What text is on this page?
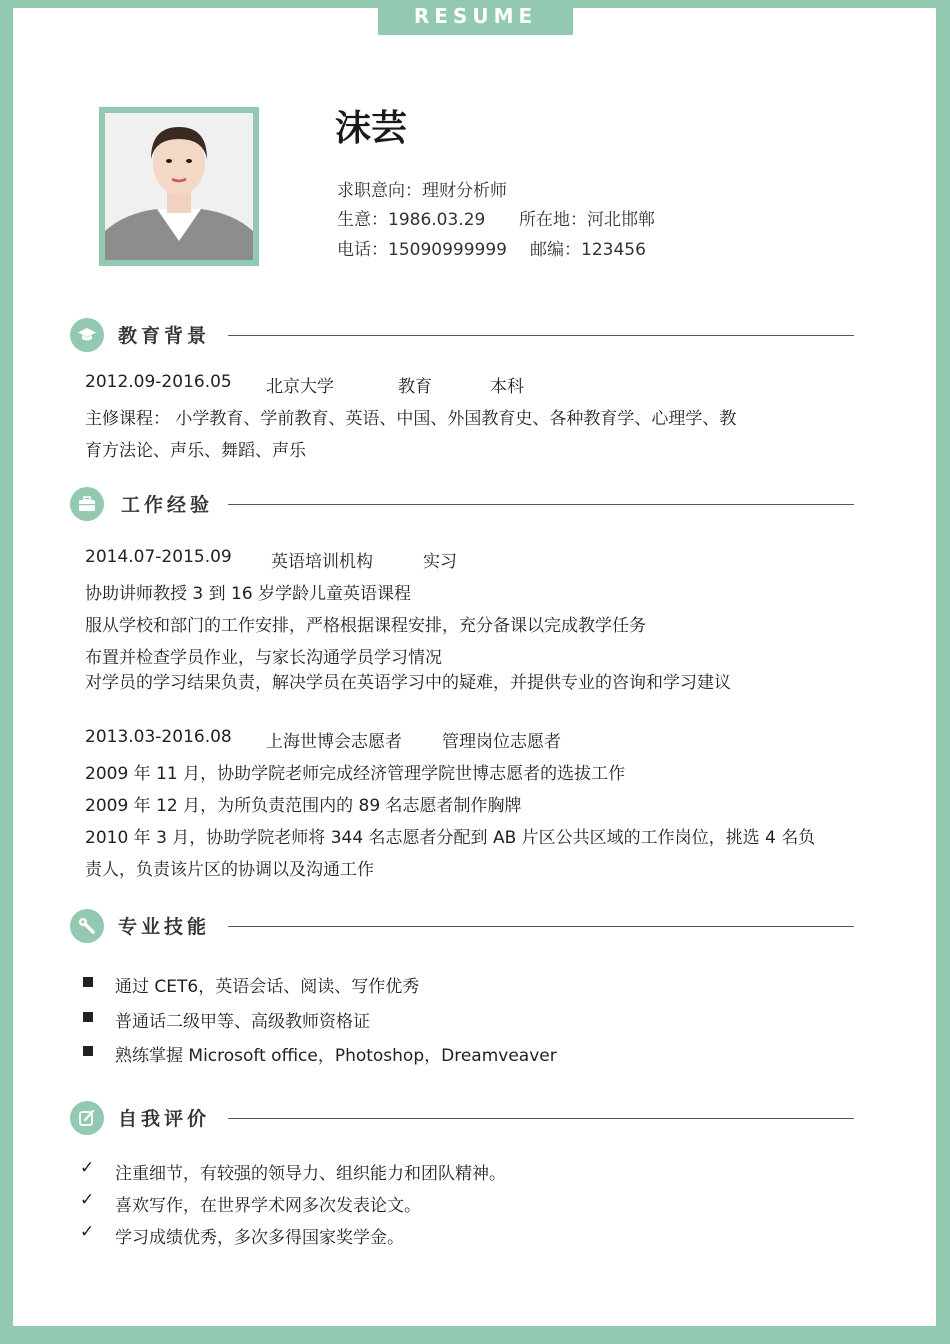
RESUME
沫芸
求职意向：理财分析师
生意：1986.03.29 所在地：河北邯郸
电话：15090999999 邮编：123456
教育背景
2012.09-2016.05 北京大学	教育	本科
主修课程： 小学教育、学前教育、英语、中国、外国教育史、各种教育学、心理学、教
育方法论、声乐、舞蹈、声乐
工作经验
2014.07-2015.09 英语培训机构	实习
协助讲师教授 3 到 16 岁学龄儿童英语课程
服从学校和部门的工作安排，严格根据课程安排，充分备课以完成教学任务
布置并检查学员作业，与家长沟通学员学习情况
对学员的学习结果负责，解决学员在英语学习中的疑难，并提供专业的咨询和学习建议
2013.03-2016.08 上海世博会志愿者 管理岗位志愿者
2009 年 11 月，协助学院老师完成经济管理学院世博志愿者的选拔工作
2009 年 12 月，为所负责范围内的 89 名志愿者制作胸牌
2010 年 3 月，协助学院老师将 344 名志愿者分配到 AB 片区公共区域的工作岗位，挑选 4 名负
责人，负责该片区的协调以及沟通工作
专业技能
通过 CET6，英语会话、阅读、写作优秀
普通话二级甲等、高级教师资格证
熟练掌握 Microsoft office，Photoshop，Dreamveaver
自我评价
✓ 注重细节，有较强的领导力、组织能力和团队精神。
✓ 喜欢写作，在世界学术网多次发表论文。
✓ 学习成绩优秀，多次多得国家奖学金。
